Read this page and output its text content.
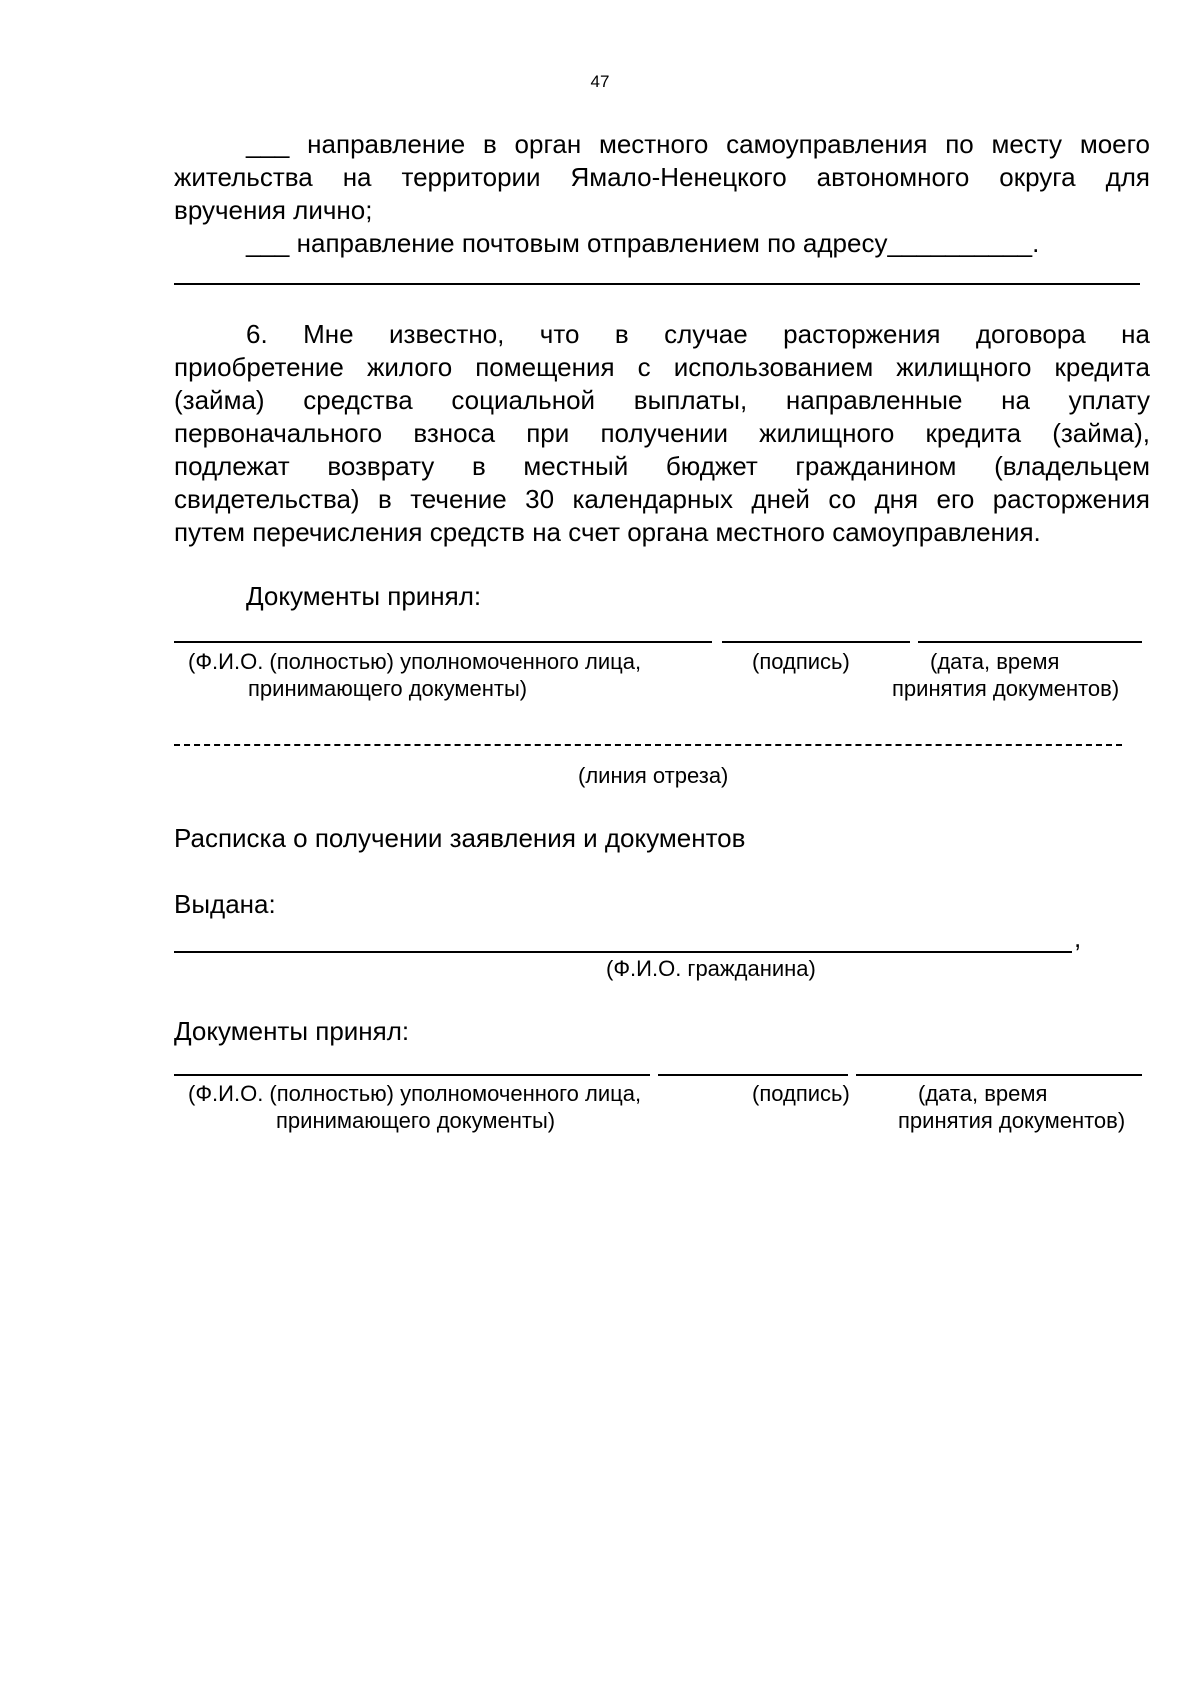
47
___ направление в орган местного самоуправления по месту моего
жительства на территории Ямало-Ненецкого автономного округа для
вручения лично;
___ направление почтовым отправлением по адресу__________.
6. Мне известно, что в случае расторжения договора на
приобретение жилого помещения с использованием жилищного кредита
(займа) средства социальной выплаты, направленные на уплату
первоначального взноса при получении жилищного кредита (займа),
подлежат возврату в местный бюджет гражданином (владельцем
свидетельства) в течение 30 календарных дней со дня его расторжения
путем перечисления средств на счет органа местного самоуправления.
Документы принял:
(Ф.И.О. (полностью) уполномоченного лица,
принимающего документы)
(подпись)	(дата, время
принятия документов)
(линия отреза)
Расписка о получении заявления и документов
Выдана:
,
(Ф.И.О. гражданина)
Документы принял:
(Ф.И.О. (полностью) уполномоченного лица,
принимающего документы)
(подпись)	(дата, время
принятия документов)
